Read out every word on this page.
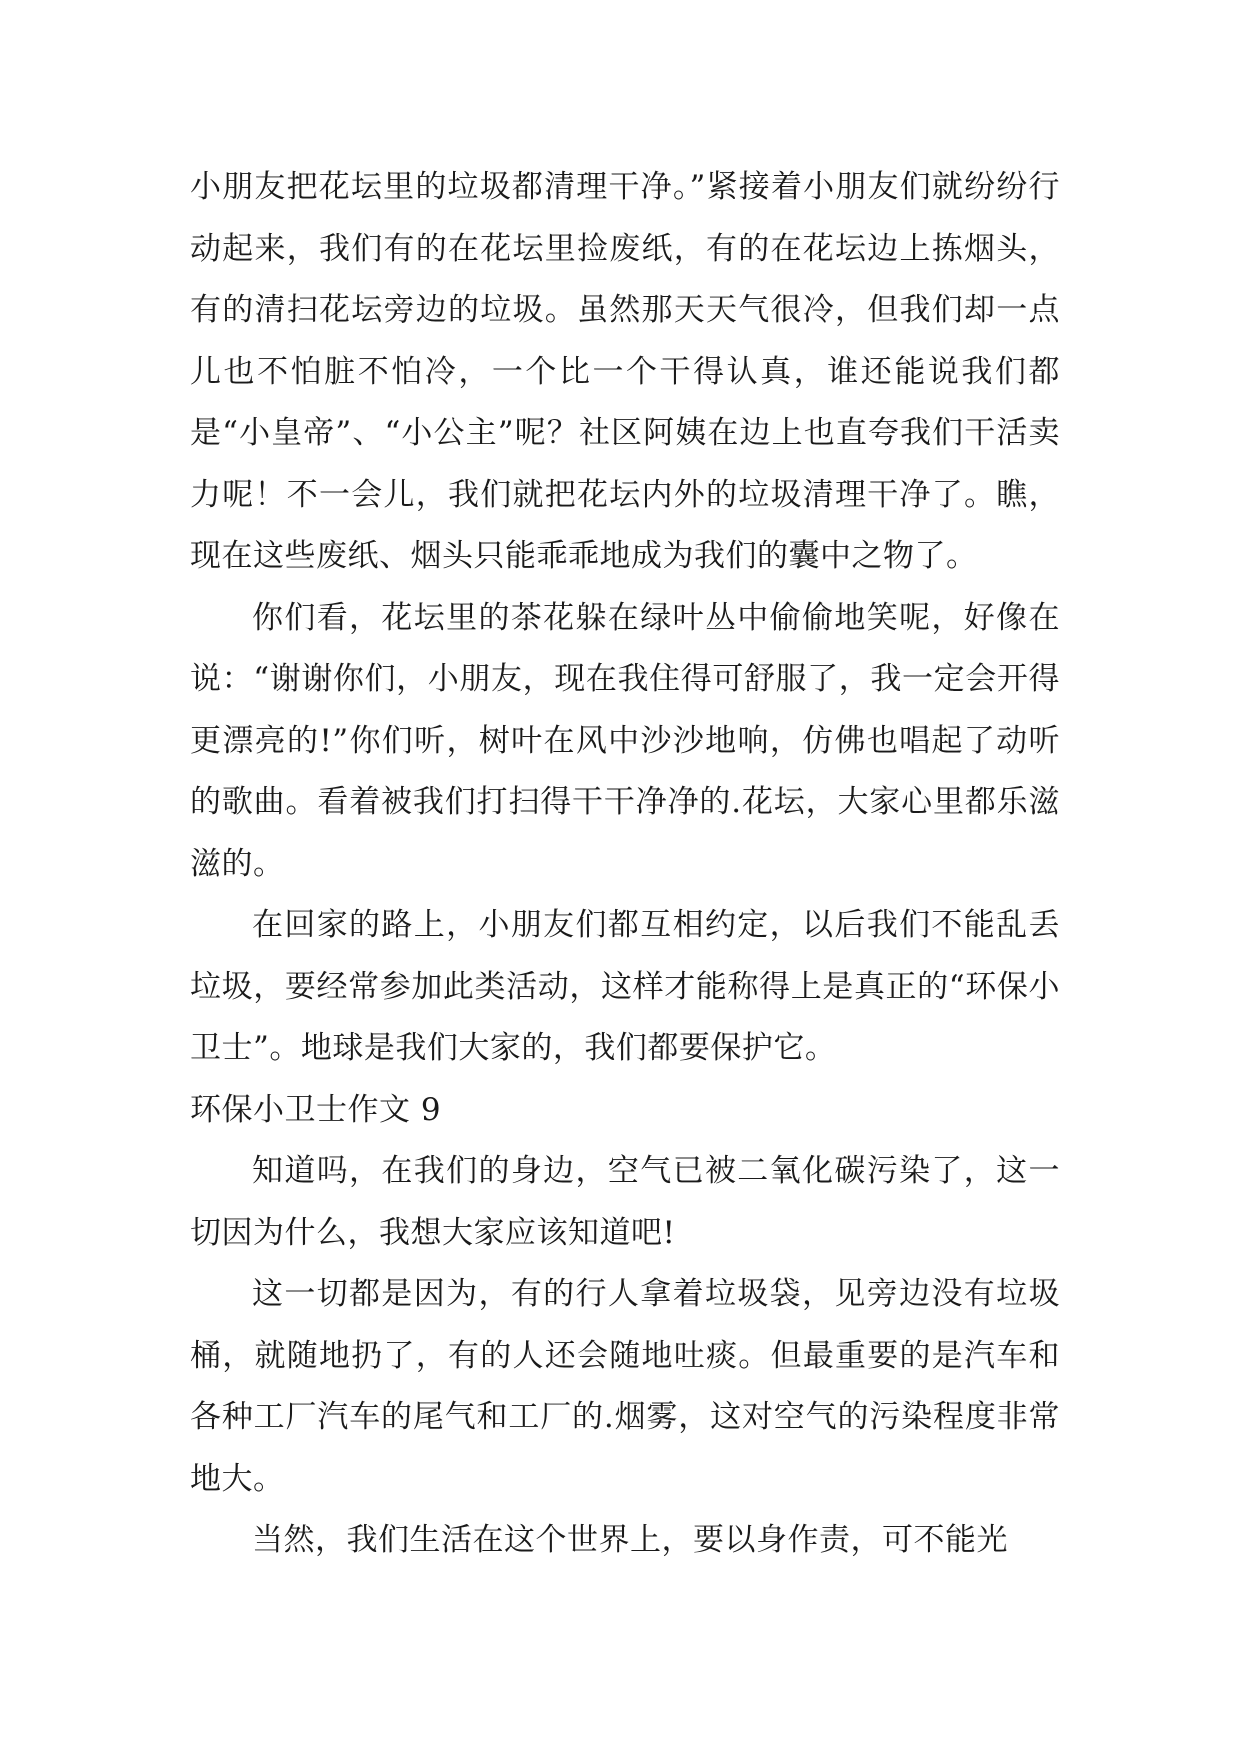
小朋友把花坛里的垃圾都清理干净。”紧接着小朋友们就纷纷行动起来，我们有的在花坛里捡废纸，有的在花坛边上拣烟头，有的清扫花坛旁边的垃圾。虽然那天天气很冷，但我们却一点儿也不怕脏不怕冷，一个比一个干得认真，谁还能说我们都是“小皇帝”、“小公主”呢？社区阿姨在边上也直夸我们干活卖力呢！不一会儿，我们就把花坛内外的垃圾清理干净了。瞧，现在这些废纸、烟头只能乖乖地成为我们的囊中之物了。

你们看，花坛里的茶花躲在绿叶丛中偷偷地笑呢，好像在说：“谢谢你们，小朋友，现在我住得可舒服了，我一定会开得更漂亮的!”你们听，树叶在风中沙沙地响，仿佛也唱起了动听的歌曲。看着被我们打扫得干干净净的.花坛，大家心里都乐滋滋的。

在回家的路上，小朋友们都互相约定，以后我们不能乱丢垃圾，要经常参加此类活动，这样才能称得上是真正的“环保小卫士”。地球是我们大家的，我们都要保护它。

环保小卫士作文 9

知道吗，在我们的身边，空气已被二氧化碳污染了，这一切因为什么，我想大家应该知道吧!

这一切都是因为，有的行人拿着垃圾袋，见旁边没有垃圾桶，就随地扔了，有的人还会随地吐痰。但最重要的是汽车和各种工厂汽车的尾气和工厂的.烟雾，这对空气的污染程度非常地大。

当然，我们生活在这个世界上，要以身作责，可不能光
